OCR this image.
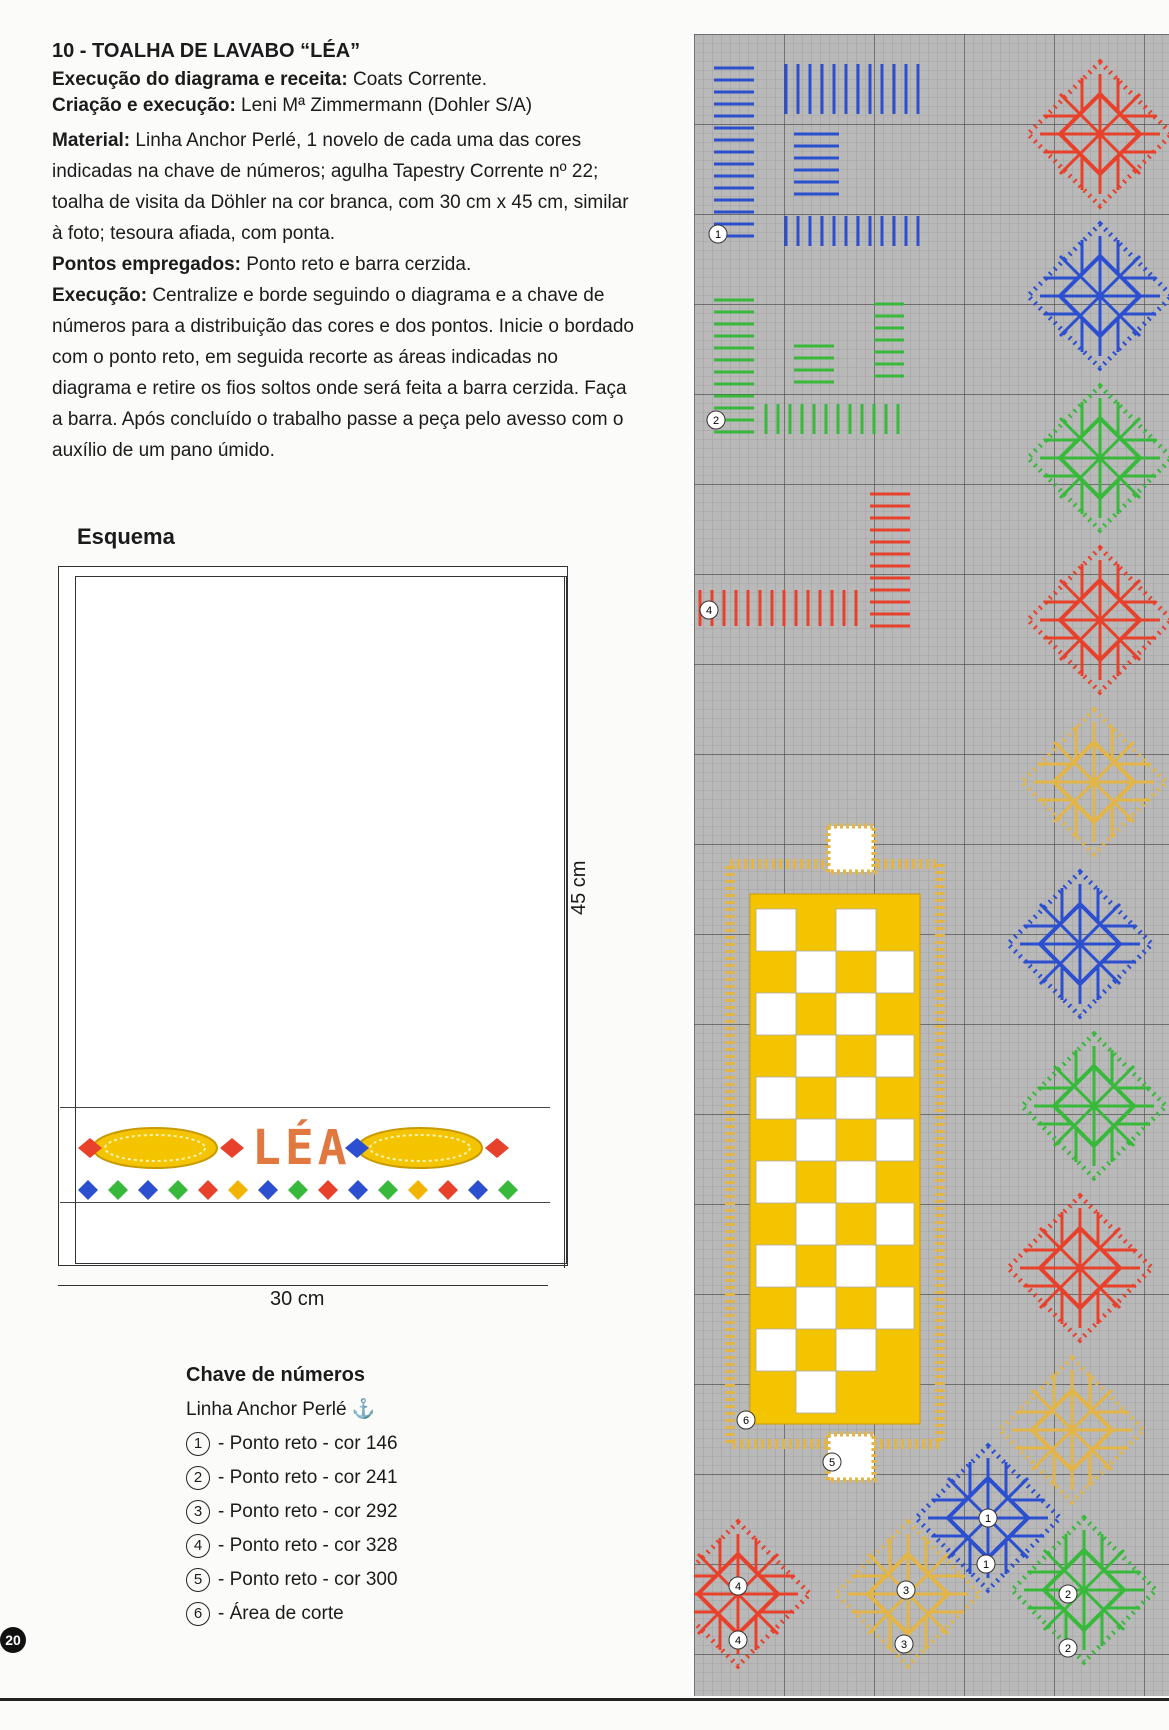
10 - TOALHA DE LAVABO “LÉA”

Execução do diagrama e receita: Coats Corrente.

Criação e execução: Leni Mª Zimmermann (Dohler S/A)

Material: Linha Anchor Perlé, 1 novelo de cada uma das cores indicadas na chave de números; agulha Tapestry Corrente nº 22; toalha de visita da Döhler na cor branca, com 30 cm x 45 cm, similar à foto; tesoura afiada, com ponta.

Pontos empregados: Ponto reto e barra cerzida.

Execução: Centralize e borde seguindo o diagrama e a chave de números para a distribuição das cores e dos pontos. Inicie o bordado com o ponto reto, em seguida recorte as áreas indicadas no diagrama e retire os fios soltos onde será feita a barra cerzida. Faça a barra. Após concluído o trabalho passe a peça pelo avesso com o auxílio de um pano úmido.

Esquema
LÉA
45 cm
30 cm
Chave de números
Linha Anchor Perlé ⚓
1 - Ponto reto - cor 146
2 - Ponto reto - cor 241
3 - Ponto reto - cor 292
4 - Ponto reto - cor 328
5 - Ponto reto - cor 300
6 - Área de corte
20
1
2
4
6
5
1
1
4
4
3
3
2
2
